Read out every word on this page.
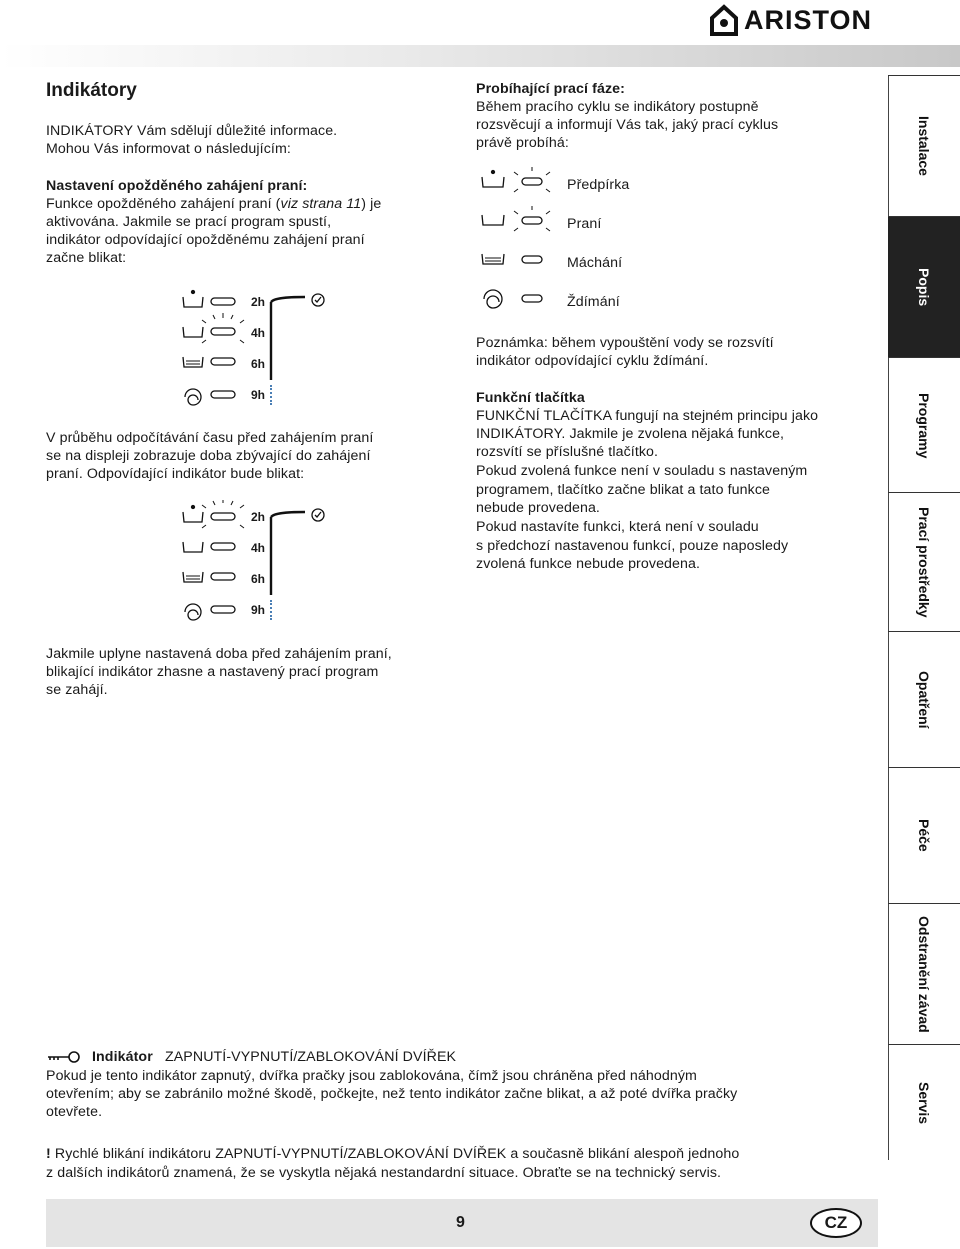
ARISTON
Indikátory
INDIKÁTORY Vám sdělují důležité informace.
Mohou Vás informovat o následujícím:
Nastavení opožděného zahájení praní:
Funkce opožděného zahájení praní (viz strana 11) je
aktivována. Jakmile se prací program spustí,
indikátor odpovídající opožděnému zahájení praní
začne blikat:
2h
4h
6h
9h
V průběhu odpočítávání času před zahájením praní
se na displeji zobrazuje doba zbývající do zahájení
praní. Odpovídající indikátor bude blikat:
2h
4h
6h
9h
Jakmile uplyne nastavená doba před zahájením praní,
blikající indikátor zhasne a nastavený prací program
se zahájí.
Probíhající prací fáze:
Během pracího cyklu se indikátory postupně
rozsvěcují a informují Vás tak, jaký prací cyklus
právě probíhá:
Předpírka
Praní
Máchání
Ždímání
Poznámka: během vypouštění vody se rozsvítí
indikátor odpovídající cyklu ždímání.
Funkční tlačítka
FUNKČNÍ TLAČÍTKA fungují na stejném principu jako
INDIKÁTORY. Jakmile je zvolena nějaká funkce,
rozsvítí se příslušné tlačítko.
Pokud zvolená funkce není v souladu s nastaveným
programem, tlačítko začne blikat a tato funkce
nebude provedena.
Pokud nastavíte funkci, která není v souladu
s předchozí nastavenou funkcí, pouze naposledy
zvolená funkce nebude provedena.
Indikátor ZAPNUTÍ-VYPNUTÍ/ZABLOKOVÁNÍ DVÍŘEK
Pokud je tento indikátor zapnutý, dvířka pračky jsou zablokována, čímž jsou chráněna před náhodným
otevřením; aby se zabránilo možné škodě, počkejte, než tento indikátor začne blikat, a až poté dvířka pračky
otevřete.
! Rychlé blikání indikátoru ZAPNUTÍ-VYPNUTÍ/ZABLOKOVÁNÍ DVÍŘEK a současně blikání alespoň jednoho
z dalších indikátorů znamená, že se vyskytla nějaká nestandardní situace. Obraťte se na technický servis.
Instalace
Popis
Programy
Prací prostředky
Opatření
Péče
Odstranění závad
Servis
9	CZ
